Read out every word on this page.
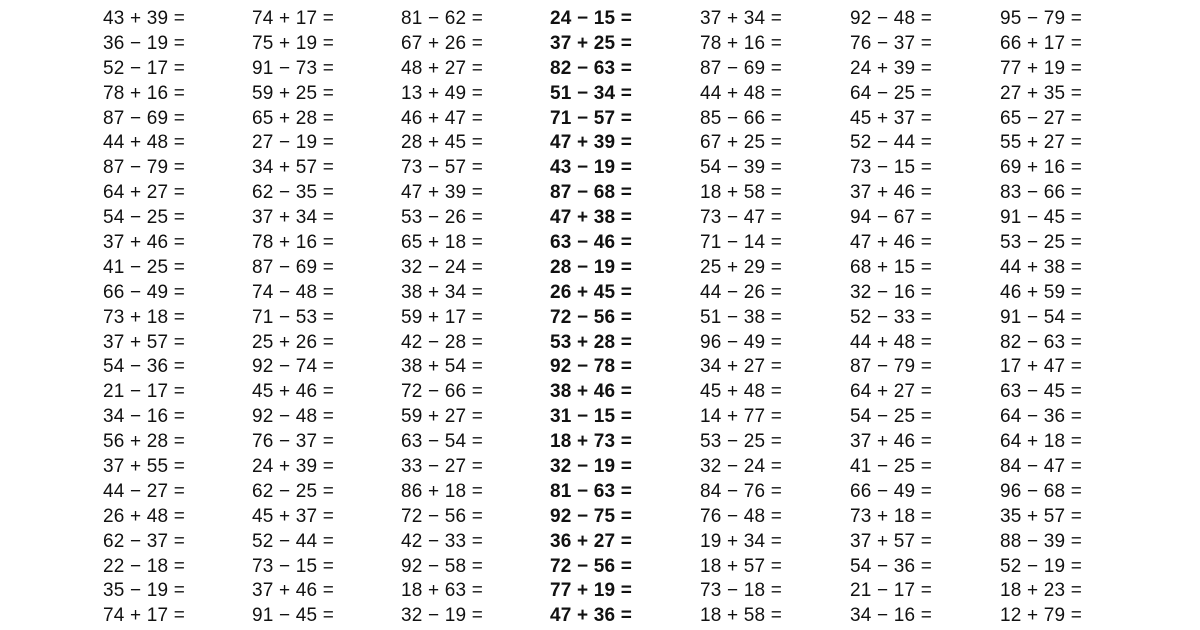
43 + 39 =
36 − 19 =
52 − 17 =
78 + 16 =
87 − 69 =
44 + 48 =
87 − 79 =
64 + 27 =
54 − 25 =
37 + 46 =
41 − 25 =
66 − 49 =
73 + 18 =
37 + 57 =
54 − 36 =
21 − 17 =
34 − 16 =
56 + 28 =
37 + 55 =
44 − 27 =
26 + 48 =
62 − 37 =
22 − 18 =
35 − 19 =
74 + 17 =
74 + 17 =
75 + 19 =
91 − 73 =
59 + 25 =
65 + 28 =
27 − 19 =
34 + 57 =
62 − 35 =
37 + 34 =
78 + 16 =
87 − 69 =
74 − 48 =
71 − 53 =
25 + 26 =
92 − 74 =
45 + 46 =
92 − 48 =
76 − 37 =
24 + 39 =
62 − 25 =
45 + 37 =
52 − 44 =
73 − 15 =
37 + 46 =
91 − 45 =
81 − 62 =
67 + 26 =
48 + 27 =
13 + 49 =
46 + 47 =
28 + 45 =
73 − 57 =
47 + 39 =
53 − 26 =
65 + 18 =
32 − 24 =
38 + 34 =
59 + 17 =
42 − 28 =
38 + 54 =
72 − 66 =
59 + 27 =
63 − 54 =
33 − 27 =
86 + 18 =
72 − 56 =
42 − 33 =
92 − 58 =
18 + 63 =
32 − 19 =
24 − 15 =
37 + 25 =
82 − 63 =
51 − 34 =
71 − 57 =
47 + 39 =
43 − 19 =
87 − 68 =
47 + 38 =
63 − 46 =
28 − 19 =
26 + 45 =
72 − 56 =
53 + 28 =
92 − 78 =
38 + 46 =
31 − 15 =
18 + 73 =
32 − 19 =
81 − 63 =
92 − 75 =
36 + 27 =
72 − 56 =
77 + 19 =
47 + 36 =
37 + 34 =
78 + 16 =
87 − 69 =
44 + 48 =
85 − 66 =
67 + 25 =
54 − 39 =
18 + 58 =
73 − 47 =
71 − 14 =
25 + 29 =
44 − 26 =
51 − 38 =
96 − 49 =
34 + 27 =
45 + 48 =
14 + 77 =
53 − 25 =
32 − 24 =
84 − 76 =
76 − 48 =
19 + 34 =
18 + 57 =
73 − 18 =
18 + 58 =
92 − 48 =
76 − 37 =
24 + 39 =
64 − 25 =
45 + 37 =
52 − 44 =
73 − 15 =
37 + 46 =
94 − 67 =
47 + 46 =
68 + 15 =
32 − 16 =
52 − 33 =
44 + 48 =
87 − 79 =
64 + 27 =
54 − 25 =
37 + 46 =
41 − 25 =
66 − 49 =
73 + 18 =
37 + 57 =
54 − 36 =
21 − 17 =
34 − 16 =
95 − 79 =
66 + 17 =
77 + 19 =
27 + 35 =
65 − 27 =
55 + 27 =
69 + 16 =
83 − 66 =
91 − 45 =
53 − 25 =
44 + 38 =
46 + 59 =
91 − 54 =
82 − 63 =
17 + 47 =
63 − 45 =
64 − 36 =
64 + 18 =
84 − 47 =
96 − 68 =
35 + 57 =
88 − 39 =
52 − 19 =
18 + 23 =
12 + 79 =
